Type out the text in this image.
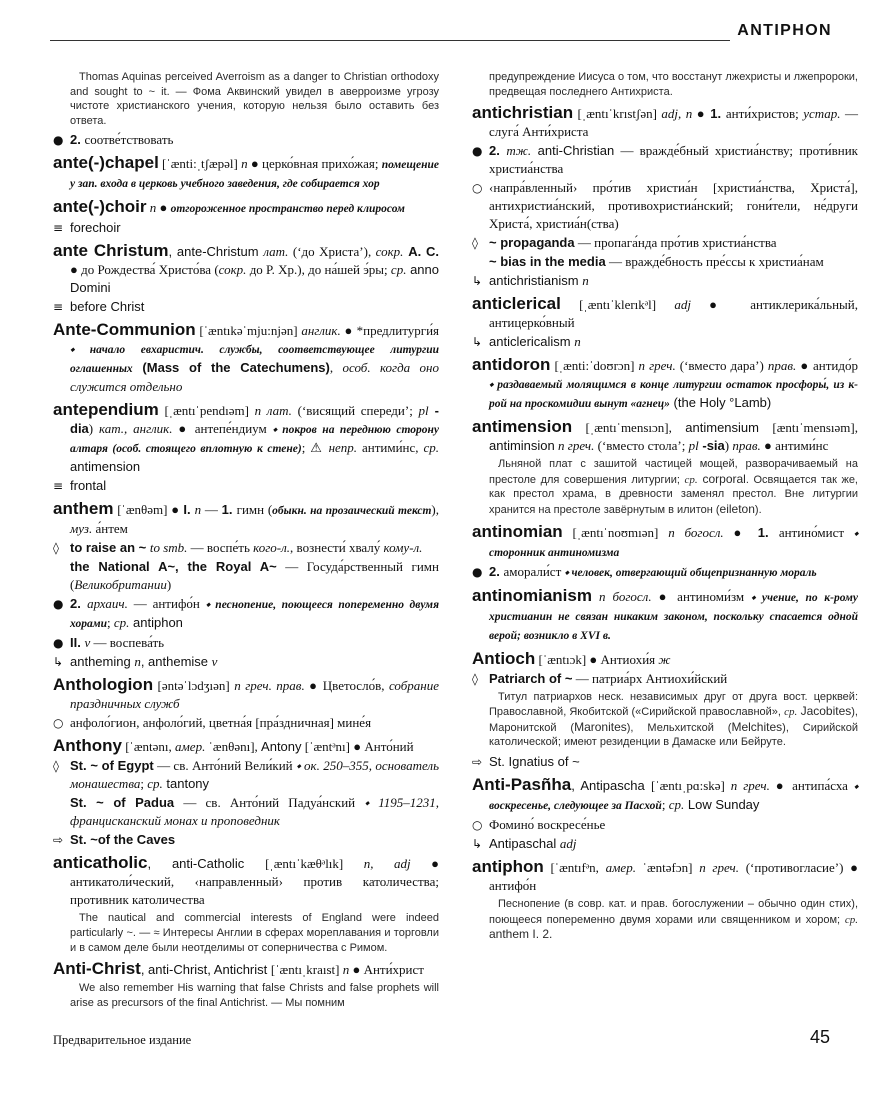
ANTIPHON

Thomas Aquinas perceived Averroism as a danger to Christian orthodoxy and sought to ~ it. — Фома Аквинский увидел в аверроизме угрозу чистоте христианского учения, которую нельзя было оставить без ответа.

● 2. соотве́тствовать

ante(-)chapel [ˈænti:ˌtʃæpəl] n ● церко́вная прихо́жая; помещение у зап. входа в церковь учебного заведения, где собирается хор

ante(-)choir n ● отгороженное пространство перед клиросом

≡ forechoir

ante Christum, ante-Christum лат. (‘до Христа’), сокр. A. C. ● до Рождества́ Христо́ва (сокр. до Р. Хр.), до на́шей э́ры; ср. anno Domini

≡ before Christ

Ante-Communion [ˈæntıkəˈmju:njən] англик. ● *предлитурги́я ⬩ начало евхаристич. службы, соответствующее литургии оглашенных (Mass of the Catechumens), особ. когда оно служится отдельно

antependium [ˌæntıˈpendıəm] n лат. (‘висящий спереди’; pl -dia) кат., англик. ● антепе́ндиум ⬩ покров на переднюю сторону алтаря (особ. стоящего вплотную к стене); ⚠ непр. антими́нс, ср. antimension

≡ frontal

anthem [ˈænθəm] ● I. n — 1. гимн (обыкн. на прозаический текст), муз. а́нтем

◊ to raise an ~ to smb. — воспе́ть кого-л., вознести́ хвалу́ кому-л.

the National A~, the Royal A~ — Госуда́рственный гимн (Великобритании)

● 2. архаич. — антифо́н ⬩ песнопение, поющееся попеременно двумя хорами; ср. antiphon

● II. v — воспева́ть

↳ antheming n, anthemise v

Anthologion [əntəˈlɔdʒıən] n греч. прав. ● Цветосло́в, собрание праздничных служб

○ анфоло́гион, анфоло́гий, цветна́я [пра́здничная] мине́я

Anthony [ˈæntənı, амер. ˈænθənı], Antony [ˈæntᵊnı] ● Анто́ний

◊ St. ~ of Egypt — св. Анто́ний Вели́кий ⬩ ок. 250–355, основатель монашества; ср. tantony

St. ~ of Padua — св. Анто́ний Падуа́нский ⬩ 1195–1231, францисканский монах и проповедник

⇨ St. ~of the Caves

anticatholic, anti-Catholic [ˌæntıˈkæθᵊlık] n, adj ● антикатоли́ческий, ‹направленный› против католичества; противник католичества

The nautical and commercial interests of England were indeed particularly ~. — ≈ Интересы Англии в сферах мореплавания и торговли и в самом деле были неотделимы от соперничества с Римом.

Anti-Christ, anti-Christ, Antichrist [ˈæntıˌkraıst] n ● Анти́христ

We also remember His warning that false Christs and false prophets will arise as precursors of the final Antichrist. — Мы помним

предупреждение Иисуса о том, что восстанут лжехристы и лжепророки, предвещая последнего Антихриста.

antichristian [ˌæntıˈkrıstʃən] adj, n ● 1. анти́христов; устар. — слуга́ Анти́христа

● 2. тж. anti-Christian — вражде́бный христиа́нству; проти́вник христиа́нства

○ ‹напра́вленный› про́тив христиа́н [христиа́нства, Христа́], антихристиа́нский, противохристиа́нский; гони́тели, не́други Христа́, христиа́н(ства)

◊ ~ propaganda — пропага́нда про́тив христиа́нства

~ bias in the media — вражде́бность пре́ссы к христиа́нам

↳ antichristianism n

anticlerical [ˌæntıˈklerıkᵊl] adj ● антиклерика́льный, антицерко́вный

↳ anticlericalism n

antidoron [ˌænti:ˈdoʊrɔn] n греч. (‘вместо дара’) прав. ● антидо́р ⬩ раздаваемый молящимся в конце литургии остаток просфоры́, из к-рой на проскомидии вынут «агнец» (the Holy °Lamb)

antimension [ˌæntıˈmensıɔn], antimensium [æntıˈmensıəm], antiminsion n греч. (‘вместо стола’; pl -sia) прав. ● антими́нс

Льняной плат с зашитой частицей мощей, разворачиваемый на престоле для совершения литургии; ср. corporal. Освящается так же, как престол храма, в древности заменял престол. Вне литургии хранится на престоле завёрнутым в илитон (eileton).

antinomian [ˌæntıˈnoʊmıən] n богосл. ● 1. антино́мист ⬩ сторонник антиномизма

● 2. аморали́ст ⬩ человек, отвергающий общепризнанную мораль

antinomianism n богосл. ● антиноми́зм ⬩ учение, по к-рому христианин не связан никаким законом, поскольку спасается одной верой; возникло в XVI в.

Antioch [ˈæntıɔk] ● Антиохи́я ж

◊ Patriarch of ~ — патриа́рх Антиохи́йский

Титул патриархов неск. независимых друг от друга вост. церквей: Православной, Якобитской («Сирийской православной», ср. Jacobites), Маронитской (Maronites), Мельхитской (Melchites), Сирийской католической; имеют резиденции в Дамаске или Бейруте.

⇨ St. Ignatius of ~

Anti-Pasñha, Antipascha [ˈæntıˌpɑ:skə] n греч. ● антипа́сха ⬩ воскресенье, следующее за Пасхой; ср. Low Sunday

○ Фомино́ воскресе́нье

↳ Antipaschal adj

antiphon [ˈæntıfᵊn, амер. ˈæntəfɔn] n греч. (‘противогласие’) ● антифо́н

Песнопение (в совр. кат. и прав. богослужении – обычно один стих), поющееся попеременно двумя хорами или священником и хором; ср. anthem I. 2.

Предварительное издание	45
